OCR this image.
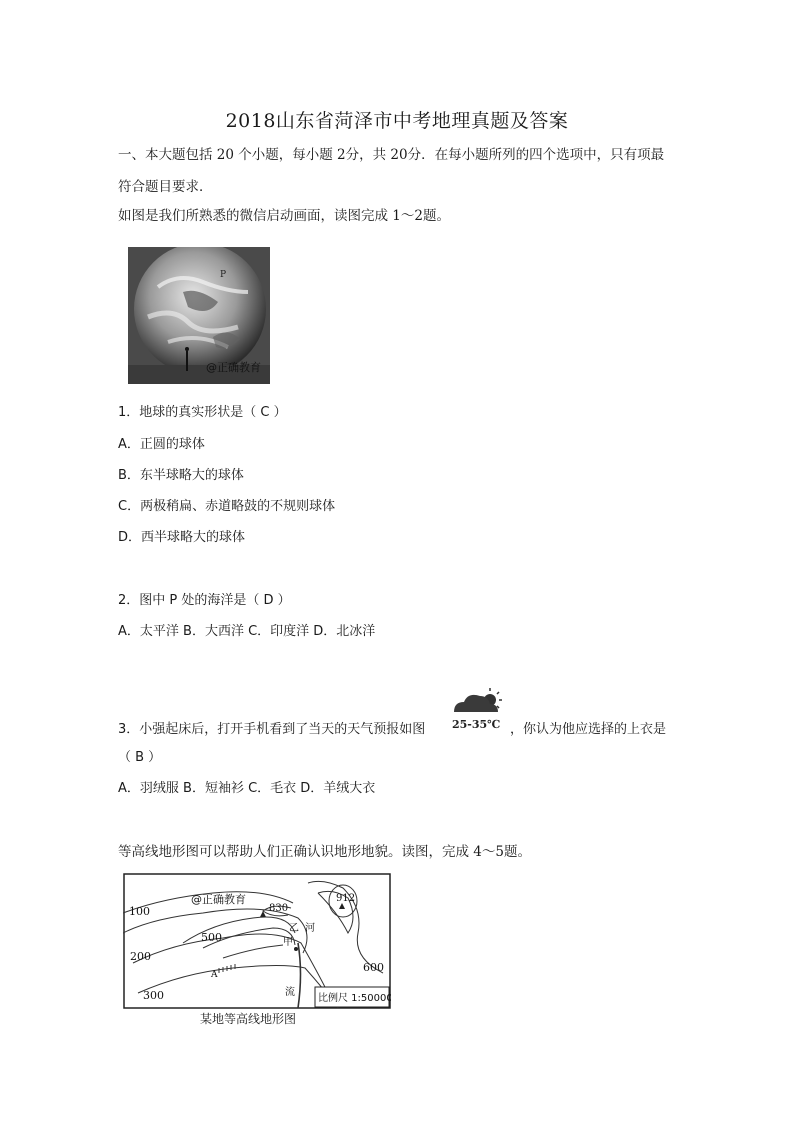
2018山东省菏泽市中考地理真题及答案
一、本大题包括 20 个小题，每小题 2分，共 20分．在每小题所列的四个选项中，只有项最
符合题目要求．
如图是我们所熟悉的微信启动画面，读图完成 1～2题。
P
@正确教育
1．地球的真实形状是（ C ）
A．正圆的球体
B．东半球略大的球体
C．两极稍扁、赤道略鼓的不规则球体
D．西半球略大的球体
2．图中 P 处的海洋是（ D ）
A．太平洋 B．大西洋 C．印度洋 D．北冰洋
25-35℃
3．小强起床后，打开手机看到了当天的天气预报如图	，你认为他应选择的上衣是
（ B ）
A．羽绒服 B．短袖衫 C．毛衣 D．羊绒大衣
等高线地形图可以帮助人们正确认识地形地貌。读图，完成 4～5题。
@正确教育
100
200
300
500
600
830
912
乙
甲
河
流
A
比例尺 1:50000
某地等高线地形图
